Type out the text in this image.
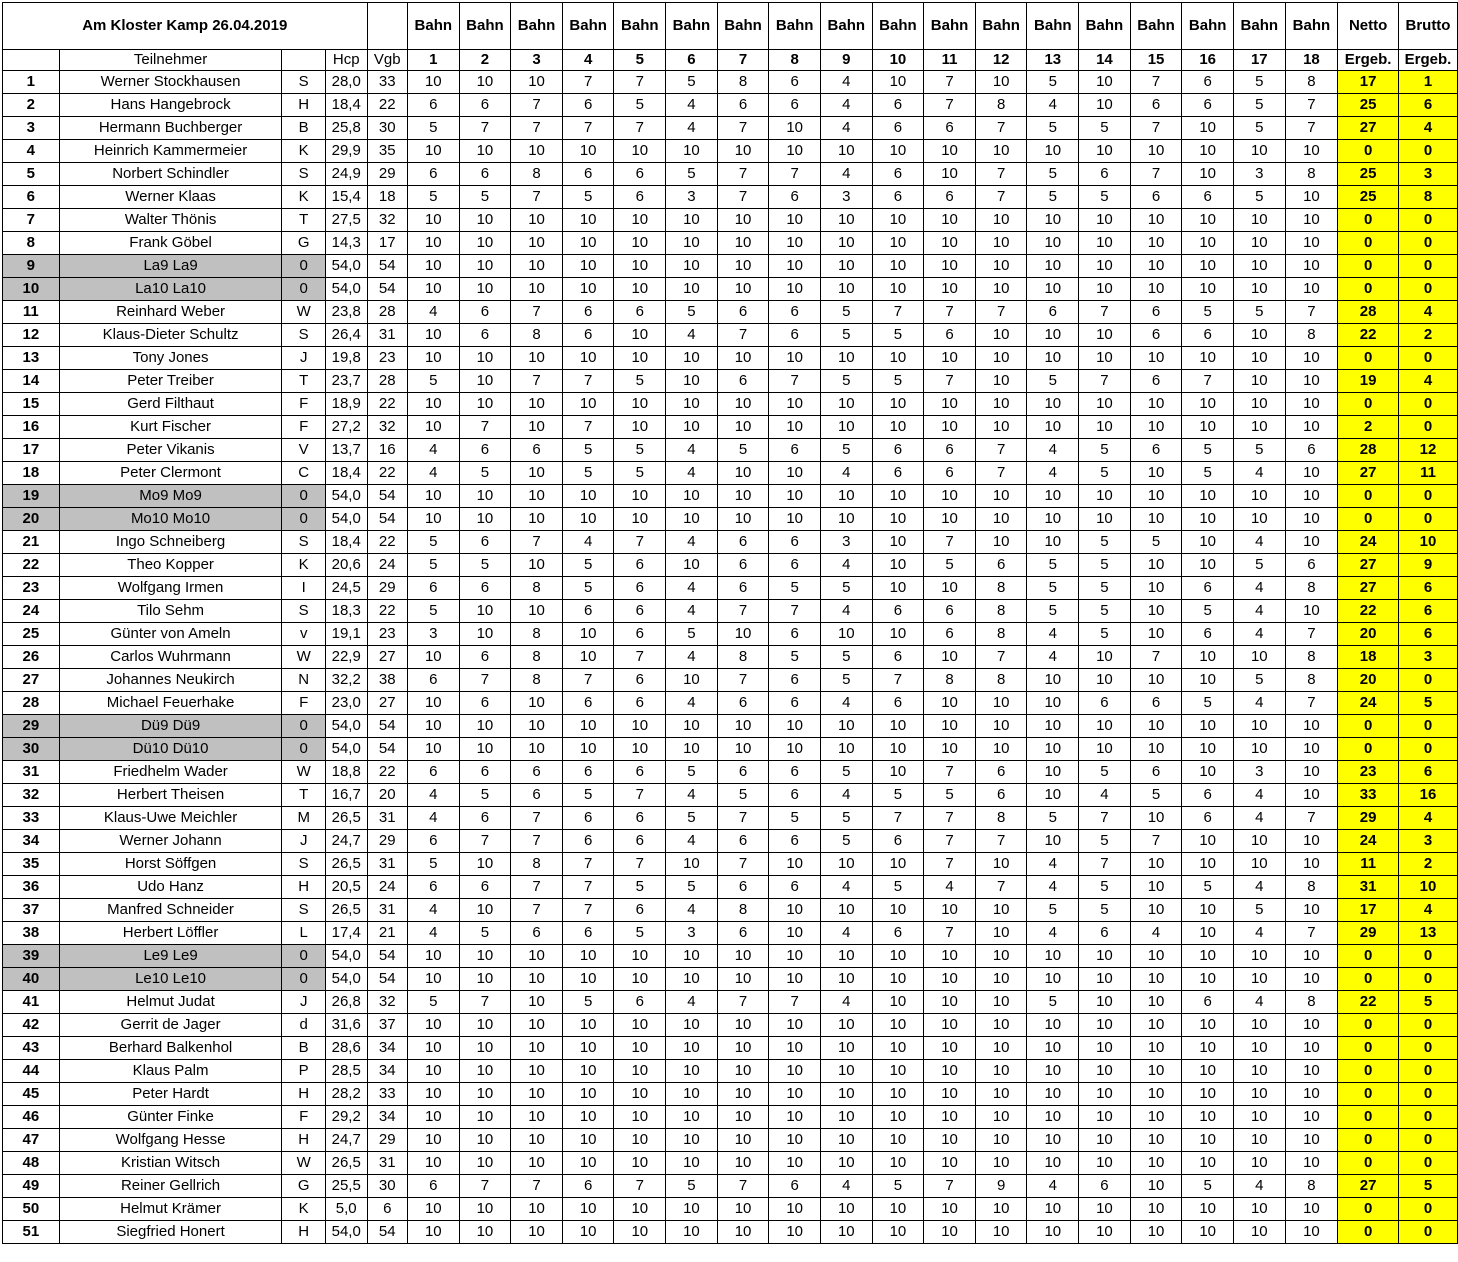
Am Kloster Kamp 26.04.2019					Bahn	Bahn	Bahn	Bahn	Bahn	Bahn	Bahn	Bahn	Bahn	Bahn	Bahn	Bahn	Bahn	Bahn	Bahn	Bahn	Bahn	Bahn	Netto	Brutto
	Teilnehmer		Hcp	Vgb	1	2	3	4	5	6	7	8	9	10	11	12	13	14	15	16	17	18	Ergeb.	Ergeb.
1	Werner Stockhausen	S	28,0	33	10	10	10	7	7	5	8	6	4	10	7	10	5	10	7	6	5	8	17	1
2	Hans Hangebrock	H	18,4	22	6	6	7	6	5	4	6	6	4	6	7	8	4	10	6	6	5	7	25	6
3	Hermann Buchberger	B	25,8	30	5	7	7	7	7	4	7	10	4	6	6	7	5	5	7	10	5	7	27	4
4	Heinrich Kammermeier	K	29,9	35	10	10	10	10	10	10	10	10	10	10	10	10	10	10	10	10	10	10	0	0
5	Norbert Schindler	S	24,9	29	6	6	8	6	6	5	7	7	4	6	10	7	5	6	7	10	3	8	25	3
6	Werner Klaas	K	15,4	18	5	5	7	5	6	3	7	6	3	6	6	7	5	5	6	6	5	10	25	8
7	Walter Thönis	T	27,5	32	10	10	10	10	10	10	10	10	10	10	10	10	10	10	10	10	10	10	0	0
8	Frank Göbel	G	14,3	17	10	10	10	10	10	10	10	10	10	10	10	10	10	10	10	10	10	10	0	0
9	La9 La9	0	54,0	54	10	10	10	10	10	10	10	10	10	10	10	10	10	10	10	10	10	10	0	0
10	La10 La10	0	54,0	54	10	10	10	10	10	10	10	10	10	10	10	10	10	10	10	10	10	10	0	0
11	Reinhard Weber	W	23,8	28	4	6	7	6	6	5	6	6	5	7	7	7	6	7	6	5	5	7	28	4
12	Klaus-Dieter Schultz	S	26,4	31	10	6	8	6	10	4	7	6	5	5	6	10	10	10	6	6	10	8	22	2
13	Tony Jones	J	19,8	23	10	10	10	10	10	10	10	10	10	10	10	10	10	10	10	10	10	10	0	0
14	Peter Treiber	T	23,7	28	5	10	7	7	5	10	6	7	5	5	7	10	5	7	6	7	10	10	19	4
15	Gerd Filthaut	F	18,9	22	10	10	10	10	10	10	10	10	10	10	10	10	10	10	10	10	10	10	0	0
16	Kurt Fischer	F	27,2	32	10	7	10	7	10	10	10	10	10	10	10	10	10	10	10	10	10	10	2	0
17	Peter Vikanis	V	13,7	16	4	6	6	5	5	4	5	6	5	6	6	7	4	5	6	5	5	6	28	12
18	Peter Clermont	C	18,4	22	4	5	10	5	5	4	10	10	4	6	6	7	4	5	10	5	4	10	27	11
19	Mo9 Mo9	0	54,0	54	10	10	10	10	10	10	10	10	10	10	10	10	10	10	10	10	10	10	0	0
20	Mo10 Mo10	0	54,0	54	10	10	10	10	10	10	10	10	10	10	10	10	10	10	10	10	10	10	0	0
21	Ingo Schneiberg	S	18,4	22	5	6	7	4	7	4	6	6	3	10	7	10	10	5	5	10	4	10	24	10
22	Theo Kopper	K	20,6	24	5	5	10	5	6	10	6	6	4	10	5	6	5	5	10	10	5	6	27	9
23	Wolfgang Irmen	I	24,5	29	6	6	8	5	6	4	6	5	5	10	10	8	5	5	10	6	4	8	27	6
24	Tilo Sehm	S	18,3	22	5	10	10	6	6	4	7	7	4	6	6	8	5	5	10	5	4	10	22	6
25	Günter von Ameln	v	19,1	23	3	10	8	10	6	5	10	6	10	10	6	8	4	5	10	6	4	7	20	6
26	Carlos Wuhrmann	W	22,9	27	10	6	8	10	7	4	8	5	5	6	10	7	4	10	7	10	10	8	18	3
27	Johannes Neukirch	N	32,2	38	6	7	8	7	6	10	7	6	5	7	8	8	10	10	10	10	5	8	20	0
28	Michael Feuerhake	F	23,0	27	10	6	10	6	6	4	6	6	4	6	10	10	10	6	6	5	4	7	24	5
29	Dü9 Dü9	0	54,0	54	10	10	10	10	10	10	10	10	10	10	10	10	10	10	10	10	10	10	0	0
30	Dü10 Dü10	0	54,0	54	10	10	10	10	10	10	10	10	10	10	10	10	10	10	10	10	10	10	0	0
31	Friedhelm Wader	W	18,8	22	6	6	6	6	6	5	6	6	5	10	7	6	10	5	6	10	3	10	23	6
32	Herbert Theisen	T	16,7	20	4	5	6	5	7	4	5	6	4	5	5	6	10	4	5	6	4	10	33	16
33	Klaus-Uwe Meichler	M	26,5	31	4	6	7	6	6	5	7	5	5	7	7	8	5	7	10	6	4	7	29	4
34	Werner Johann	J	24,7	29	6	7	7	6	6	4	6	6	5	6	7	7	10	5	7	10	10	10	24	3
35	Horst Söffgen	S	26,5	31	5	10	8	7	7	10	7	10	10	10	7	10	4	7	10	10	10	10	11	2
36	Udo Hanz	H	20,5	24	6	6	7	7	5	5	6	6	4	5	4	7	4	5	10	5	4	8	31	10
37	Manfred Schneider	S	26,5	31	4	10	7	7	6	4	8	10	10	10	10	10	5	5	10	10	5	10	17	4
38	Herbert Löffler	L	17,4	21	4	5	6	6	5	3	6	10	4	6	7	10	4	6	4	10	4	7	29	13
39	Le9 Le9	0	54,0	54	10	10	10	10	10	10	10	10	10	10	10	10	10	10	10	10	10	10	0	0
40	Le10 Le10	0	54,0	54	10	10	10	10	10	10	10	10	10	10	10	10	10	10	10	10	10	10	0	0
41	Helmut Judat	J	26,8	32	5	7	10	5	6	4	7	7	4	10	10	10	5	10	10	6	4	8	22	5
42	Gerrit de Jager	d	31,6	37	10	10	10	10	10	10	10	10	10	10	10	10	10	10	10	10	10	10	0	0
43	Berhard Balkenhol	B	28,6	34	10	10	10	10	10	10	10	10	10	10	10	10	10	10	10	10	10	10	0	0
44	Klaus Palm	P	28,5	34	10	10	10	10	10	10	10	10	10	10	10	10	10	10	10	10	10	10	0	0
45	Peter Hardt	H	28,2	33	10	10	10	10	10	10	10	10	10	10	10	10	10	10	10	10	10	10	0	0
46	Günter Finke	F	29,2	34	10	10	10	10	10	10	10	10	10	10	10	10	10	10	10	10	10	10	0	0
47	Wolfgang Hesse	H	24,7	29	10	10	10	10	10	10	10	10	10	10	10	10	10	10	10	10	10	10	0	0
48	Kristian Witsch	W	26,5	31	10	10	10	10	10	10	10	10	10	10	10	10	10	10	10	10	10	10	0	0
49	Reiner Gellrich	G	25,5	30	6	7	7	6	7	5	7	6	4	5	7	9	4	6	10	5	4	8	27	5
50	Helmut Krämer	K	5,0	6	10	10	10	10	10	10	10	10	10	10	10	10	10	10	10	10	10	10	0	0
51	Siegfried Honert	H	54,0	54	10	10	10	10	10	10	10	10	10	10	10	10	10	10	10	10	10	10	0	0
